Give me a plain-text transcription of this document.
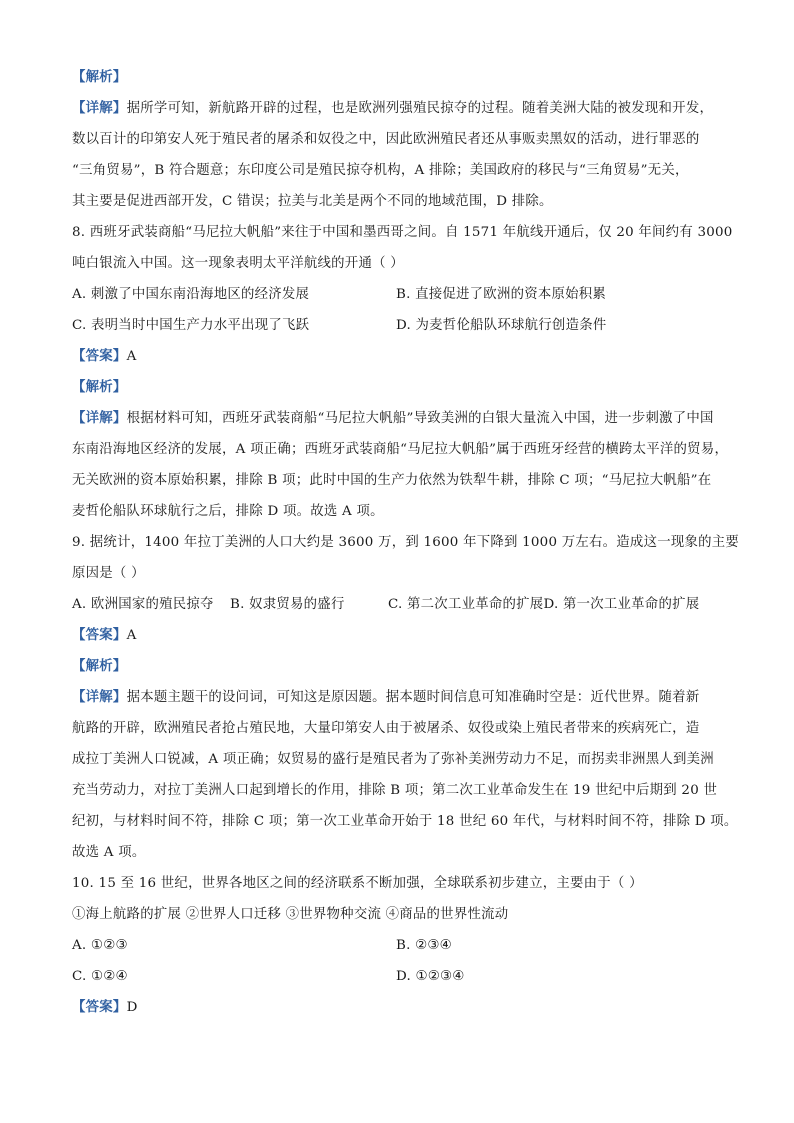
【解析】
【详解】据所学可知，新航路开辟的过程，也是欧洲列强殖民掠夺的过程。随着美洲大陆的被发现和开发，
数以百计的印第安人死于殖民者的屠杀和奴役之中，因此欧洲殖民者还从事贩卖黑奴的活动，进行罪恶的
“三角贸易”，B 符合题意；东印度公司是殖民掠夺机构，A 排除；美国政府的移民与“三角贸易”无关，
其主要是促进西部开发，C 错误；拉美与北美是两个不同的地域范围，D 排除。
8. 西班牙武装商船“马尼拉大帆船”来往于中国和墨西哥之间。自 1571 年航线开通后，仅 20 年间约有 3000
吨白银流入中国。这一现象表明太平洋航线的开通（ ）
A. 刺激了中国东南沿海地区的经济发展	B. 直接促进了欧洲的资本原始积累
C. 表明当时中国生产力水平出现了飞跃	D. 为麦哲伦船队环球航行创造条件
【答案】A
【解析】
【详解】根据材料可知，西班牙武装商船“马尼拉大帆船”导致美洲的白银大量流入中国，进一步刺激了中国
东南沿海地区经济的发展，A 项正确；西班牙武装商船“马尼拉大帆船”属于西班牙经营的横跨太平洋的贸易，
无关欧洲的资本原始积累，排除 B 项；此时中国的生产力依然为铁犁牛耕，排除 C 项；“马尼拉大帆船”在
麦哲伦船队环球航行之后，排除 D 项。故选 A 项。
9. 据统计，1400 年拉丁美洲的人口大约是 3600 万，到 1600 年下降到 1000 万左右。造成这一现象的主要
原因是（ ）
A. 欧洲国家的殖民掠夺 B. 奴隶贸易的盛行	C. 第二次工业革命的扩展D. 第一次工业革命的扩展
【答案】A
【解析】
【详解】据本题主题干的设问词，可知这是原因题。据本题时间信息可知准确时空是：近代世界。随着新
航路的开辟，欧洲殖民者抢占殖民地，大量印第安人由于被屠杀、奴役或染上殖民者带来的疾病死亡，造
成拉丁美洲人口锐减，A 项正确；奴贸易的盛行是殖民者为了弥补美洲劳动力不足，而拐卖非洲黑人到美洲
充当劳动力，对拉丁美洲人口起到增长的作用，排除 B 项；第二次工业革命发生在 19 世纪中后期到 20 世
纪初，与材料时间不符，排除 C 项；第一次工业革命开始于 18 世纪 60 年代，与材料时间不符，排除 D 项。
故选 A 项。
10. 15 至 16 世纪，世界各地区之间的经济联系不断加强，全球联系初步建立，主要由于（ ）
①海上航路的扩展 ②世界人口迁移 ③世界物种交流 ④商品的世界性流动
A. ①②③	B. ②③④
C. ①②④	D. ①②③④
【答案】D
